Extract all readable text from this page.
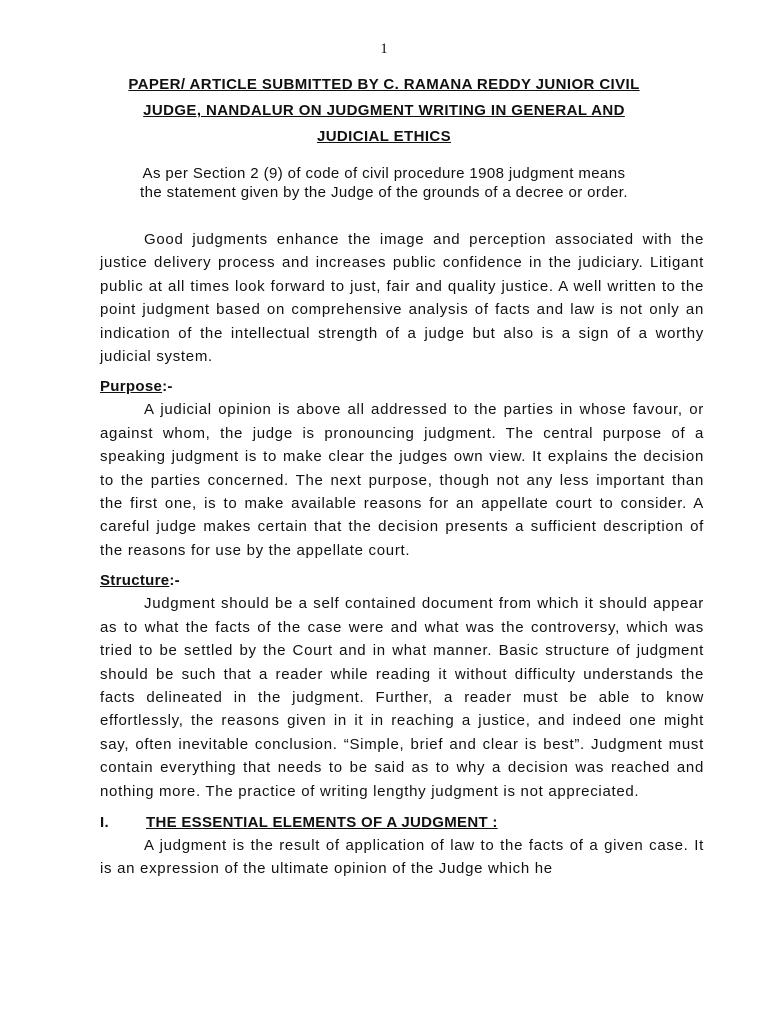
1
PAPER/ ARTICLE SUBMITTED BY C. RAMANA REDDY JUNIOR CIVIL
JUDGE, NANDALUR ON JUDGMENT WRITING IN GENERAL AND
JUDICIAL ETHICS
As per Section 2 (9) of code of civil procedure 1908 judgment means
the statement given by the Judge of the grounds of a decree or order.

Good judgments enhance the image and perception associated with the justice delivery process and increases public confidence in the judiciary. Litigant public at all times look forward to just, fair and quality justice. A well written to the point judgment based on comprehensive analysis of facts and law is not only an indication of the intellectual strength of a judge but also is a sign of a worthy judicial system.

Purpose:-

A judicial opinion is above all addressed to the parties in whose favour, or against whom, the judge is pronouncing judgment. The central purpose of a speaking judgment is to make clear the judges own view. It explains the decision to the parties concerned. The next purpose, though not any less important than the first one, is to make available reasons for an appellate court to consider. A careful judge makes certain that the decision presents a sufficient description of the reasons for use by the appellate court.

Structure:-

Judgment should be a self contained document from which it should appear as to what the facts of the case were and what was the controversy, which was tried to be settled by the Court and in what manner. Basic structure of judgment should be such that a reader while reading it without difficulty understands the facts delineated in the judgment. Further, a reader must be able to know effortlessly, the reasons given in it in reaching a justice, and indeed one might say, often inevitable conclusion. “Simple, brief and clear is best”. Judgment must contain everything that needs to be said as to why a decision was reached and nothing more. The practice of writing lengthy judgment is not appreciated.

I.	THE ESSENTIAL ELEMENTS OF A JUDGMENT :

A judgment is the result of application of law to the facts of a given case. It is an expression of the ultimate opinion of the Judge which he
